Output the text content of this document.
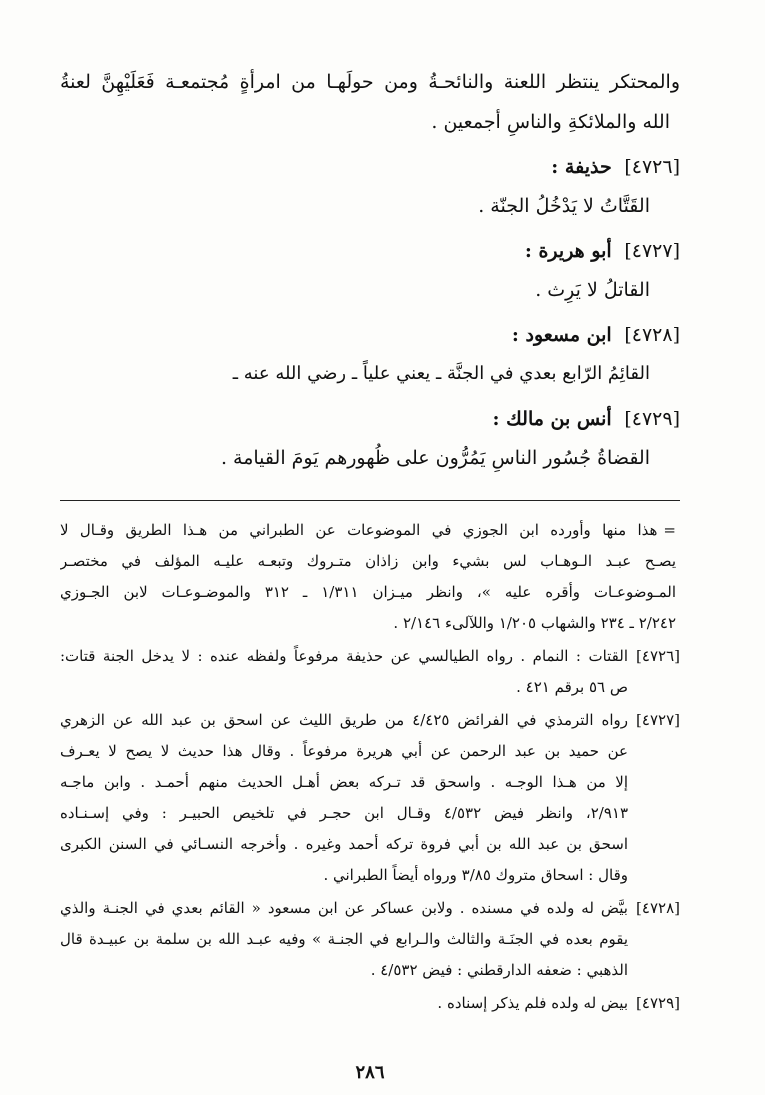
والمحتكر ينتظر اللعنة والنائحـةُ ومن حولَهـا من امرأةٍ مُجتمعـة فَعَلَيْهِنَّ لعنةُ
الله والملائكةِ والناسِ أجمعين .
[٤٧٢٦] حذيفة :
القَتَّاتُ لا يَدْخُلُ الجنّة .
[٤٧٢٧] أبو هريرة :
القاتلُ لا يَرِث .
[٤٧٢٨] ابن مسعود :
القائِمُ الرّابع بعدي في الجنَّة ـ يعني علياً ـ رضي الله عنه ـ
[٤٧٢٩] أنس بن مالك :
القضاةُ جُسُور الناسِ يَمُرُّون على ظُهورهم يَومَ القيامة .
=هذا منها وأورده ابن الجوزي في الموضوعات عن الطبراني من هـذا الطريق وقـال لا
يصـح عبـد الـوهـاب لس بشيء وابن زاذان متـروك وتبعـه عليـه المؤلف في مختصـر
المـوضوعـات وأقره عليه »، وانظر ميـزان ١/٣١١ ـ ٣١٢ والموضـوعـات لابن الجـوزي
٢/٢٤٢ ـ ٢٣٤ والشهاب ١/٢٠٥ واللآلىء ٢/١٤٦ .
[٤٧٢٦]
القتات : النمام . رواه الطيالسي عن حذيفة مرفوعاً ولفظه عنده : لا يدخل الجنة قتات:
ص ٥٦ برقم ٤٢١ .
[٤٧٢٧]
رواه الترمذي في الفرائض ٤/٤٢٥ من طريق الليث عن اسحق بن عبد الله عن الزهري
عن حميد بن عبد الرحمن عن أبي هريرة مرفوعاً . وقال هذا حديث لا يصح لا يعـرف
إلا من هـذا الوجـه . واسحق قد تـركه بعض أهـل الحديث منهم أحمـد . وابن ماجـه
٢/٩١٣، وانظر فيض ٤/٥٣٢ وقـال ابن حجـر في تلخيص الحبيـر : وفي إسـنـاده
اسحق بن عبد الله بن أبي فروة تركه أحمد وغيره . وأخرجه النسـائي في السنن الكبرى
وقال : اسحاق متروك ٣/٨٥ ورواه أيضاً الطبراني .
[٤٧٢٨]
بيَّض له ولده في مسنده . ولابن عساكر عن ابن مسعود « القائم بعدي في الجنـة والذي
يقوم بعده في الجنَـة والثالث والـرابع في الجنـة » وفيه عبـد الله بن سلمة بن عبيـدة قال
الذهبي : ضعفه الدارقطني : فيض ٤/٥٣٢ .
[٤٧٢٩]
بيض له ولده فلم يذكر إسناده .
٢٨٦
